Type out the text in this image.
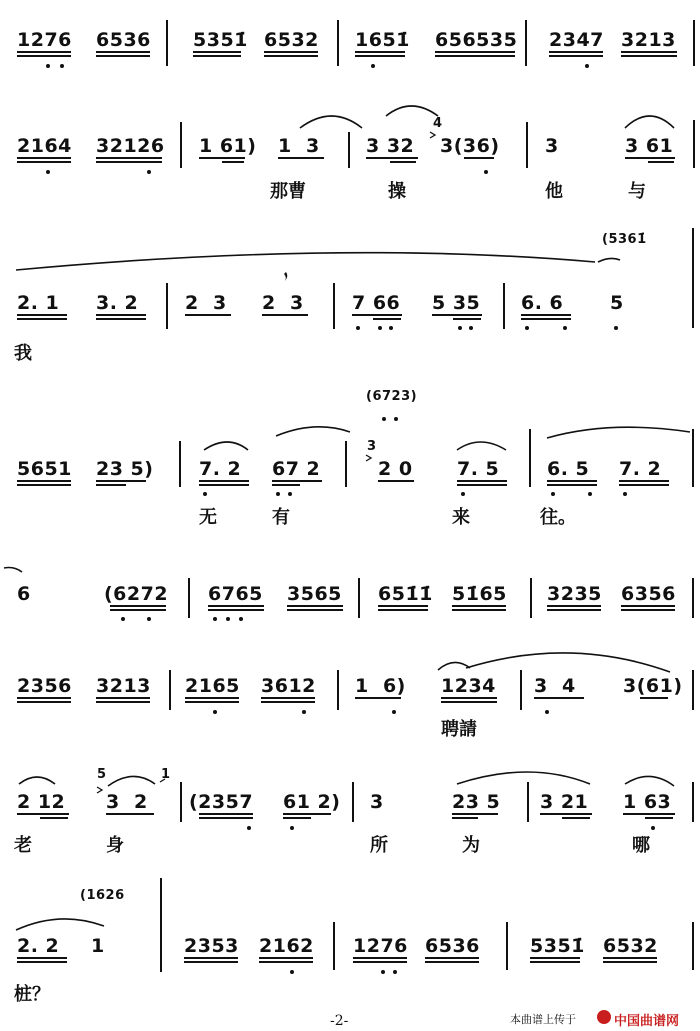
1276 6536 5351̇ 6532 1651̇ 656535 2347 3213
2164 32126 1 61) 1  3 3 32
4
3(36) 3	3 61
那曹	操	他	与
(5361̇
2. 1 3. 2 2  3 2  3	7 66 5 35 6. 6 5
我
(6723)
5651 23 5) 7. 2 67 2
3
2 0 7. 5	6. 5 7. 2
无	有	来	往。
6	(6272 6765 3565 651̇1̇ 51̇65 3235 6356
2356 3213 2165 3612 1  6) 1234 3  4 3(61)
聘請
2 12
5
3  2
1
(2357 61 2) 3	23 5 3 21 1 63
老	身	所	为	哪
(1626
2. 2 1	2353 2162 1276 6536	5351̇ 6532
桩？
-2-	本曲谱上传于	中国曲谱网
